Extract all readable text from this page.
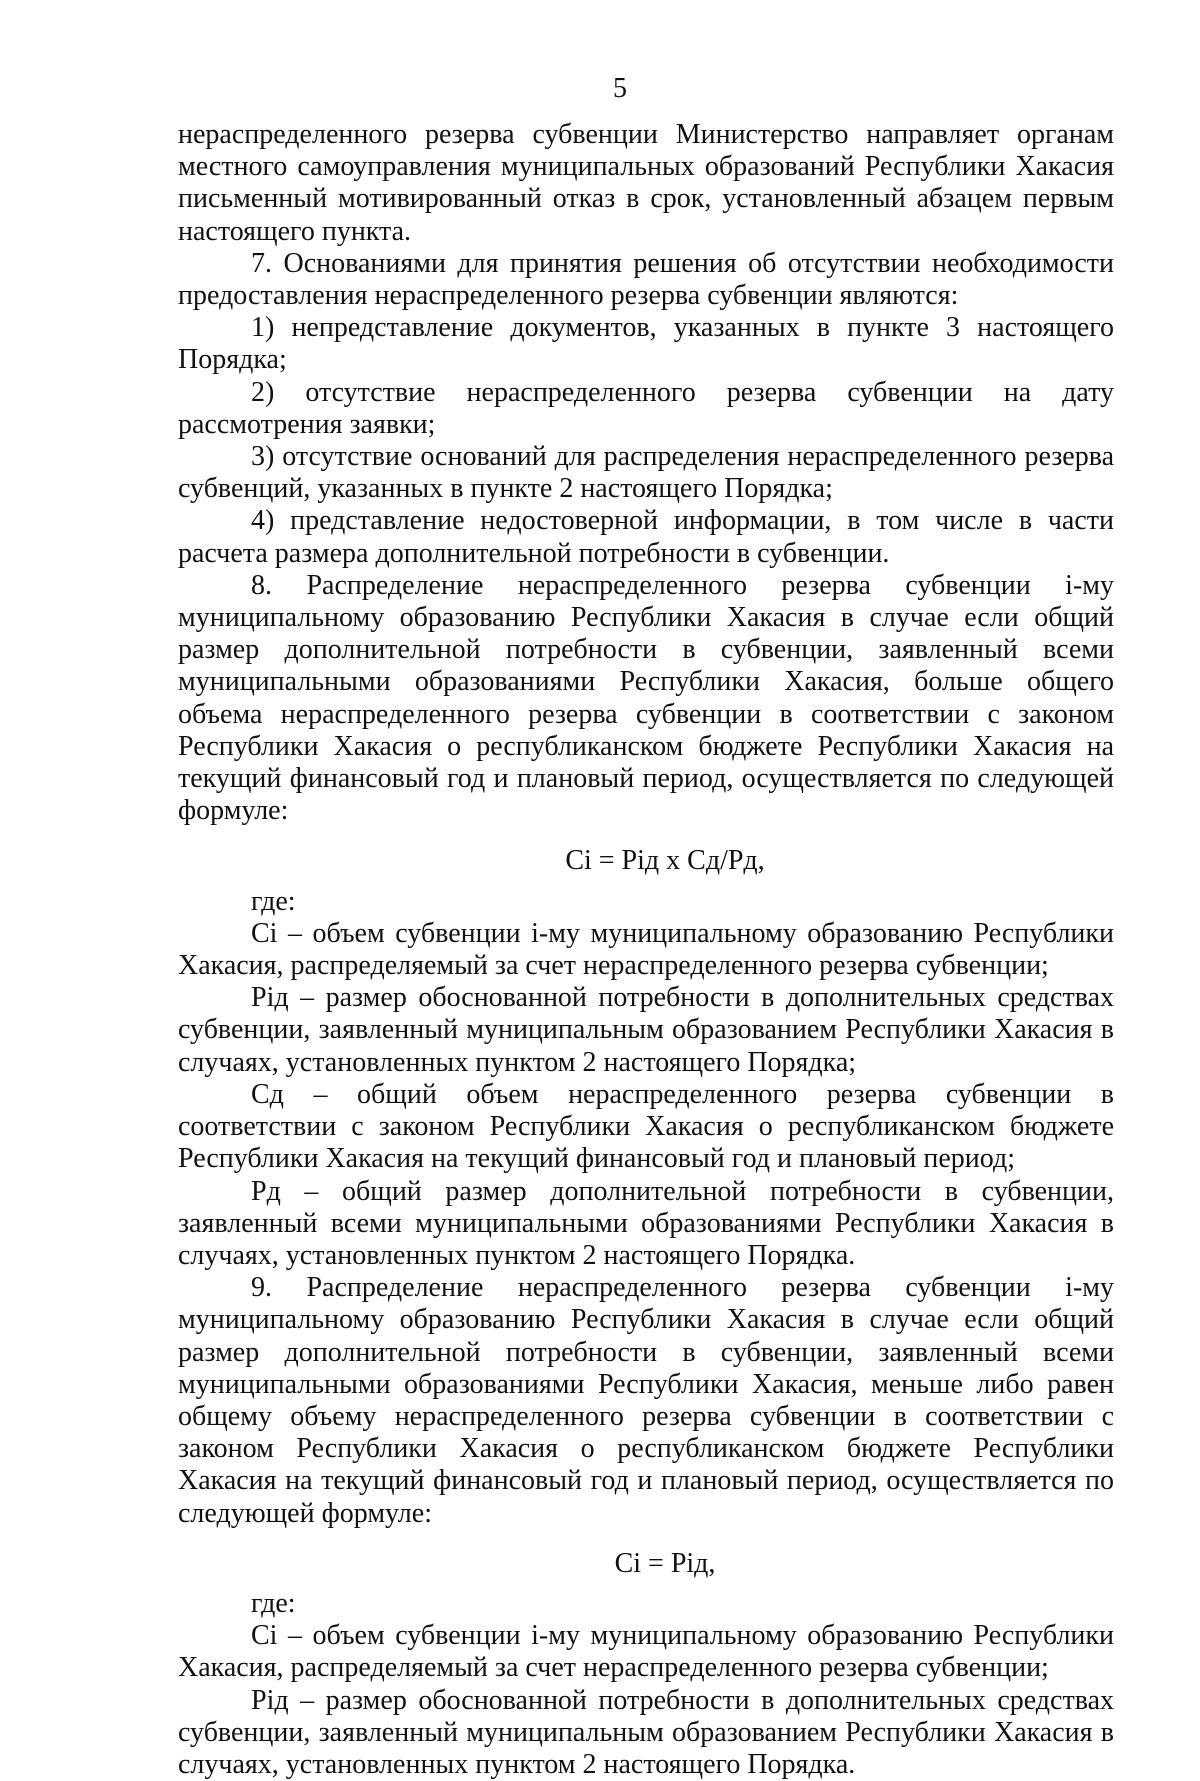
5

нераспределенного резерва субвенции Министерство направляет органам местного самоуправления муниципальных образований Республики Хакасия письменный мотивированный отказ в срок, установленный абзацем первым настоящего пункта.

7. Основаниями для принятия решения об отсутствии необходимости предоставления нераспределенного резерва субвенции являются:

1) непредставление документов, указанных в пункте 3 настоящего Порядка;

2) отсутствие нераспределенного резерва субвенции на дату рассмотрения заявки;

3) отсутствие оснований для распределения нераспределенного резерва субвенций, указанных в пункте 2 настоящего Порядка;

4) представление недостоверной информации, в том числе в части расчета размера дополнительной потребности в субвенции.

8. Распределение нераспределенного резерва субвенции i-му муниципальному образованию Республики Хакасия в случае если общий размер дополнительной потребности в субвенции, заявленный всеми муниципальными образованиями Республики Хакасия, больше общего объема нераспределенного резерва субвенции в соответствии с законом Республики Хакасия о республиканском бюджете Республики Хакасия на текущий финансовый год и плановый период, осуществляется по следующей формуле:

Ci = Piд x Cд/Pд,

где:

Ci – объем субвенции i-му муниципальному образованию Республики Хакасия, распределяемый за счет нераспределенного резерва субвенции;

Piд – размер обоснованной потребности в дополнительных средствах субвенции, заявленный муниципальным образованием Республики Хакасия в случаях, установленных пунктом 2 настоящего Порядка;

Cд – общий объем нераспределенного резерва субвенции в соответствии с законом Республики Хакасия о республиканском бюджете Республики Хакасия на текущий финансовый год и плановый период;

Pд – общий размер дополнительной потребности в субвенции, заявленный всеми муниципальными образованиями Республики Хакасия в случаях, установленных пунктом 2 настоящего Порядка.

9. Распределение нераспределенного резерва субвенции i-му муниципальному образованию Республики Хакасия в случае если общий размер дополнительной потребности в субвенции, заявленный всеми муниципальными образованиями Республики Хакасия, меньше либо равен общему объему нераспределенного резерва субвенции в соответствии с законом Республики Хакасия о республиканском бюджете Республики Хакасия на текущий финансовый год и плановый период, осуществляется по следующей формуле:

Ci = Piд,

где:

Ci – объем субвенции i-му муниципальному образованию Республики Хакасия, распределяемый за счет нераспределенного резерва субвенции;

Piд – размер обоснованной потребности в дополнительных средствах субвенции, заявленный муниципальным образованием Республики Хакасия в случаях, установленных пунктом 2 настоящего Порядка.
